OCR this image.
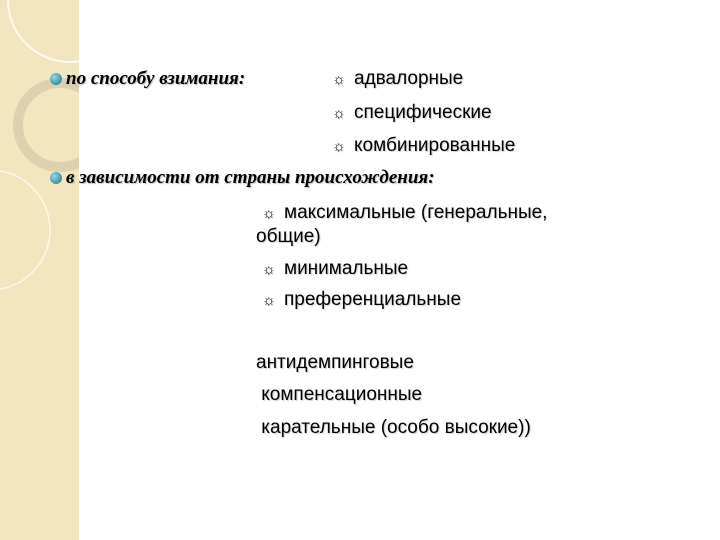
по способу взимания:	☼ адвалорные
☼ специфические
☼ комбинированные
в зависимости от страны происхождения:
☼ максимальные (генеральные,
общие)
☼ минимальные
☼ преференциальные
антидемпинговые
компенсационные
карательные (особо высокие))
